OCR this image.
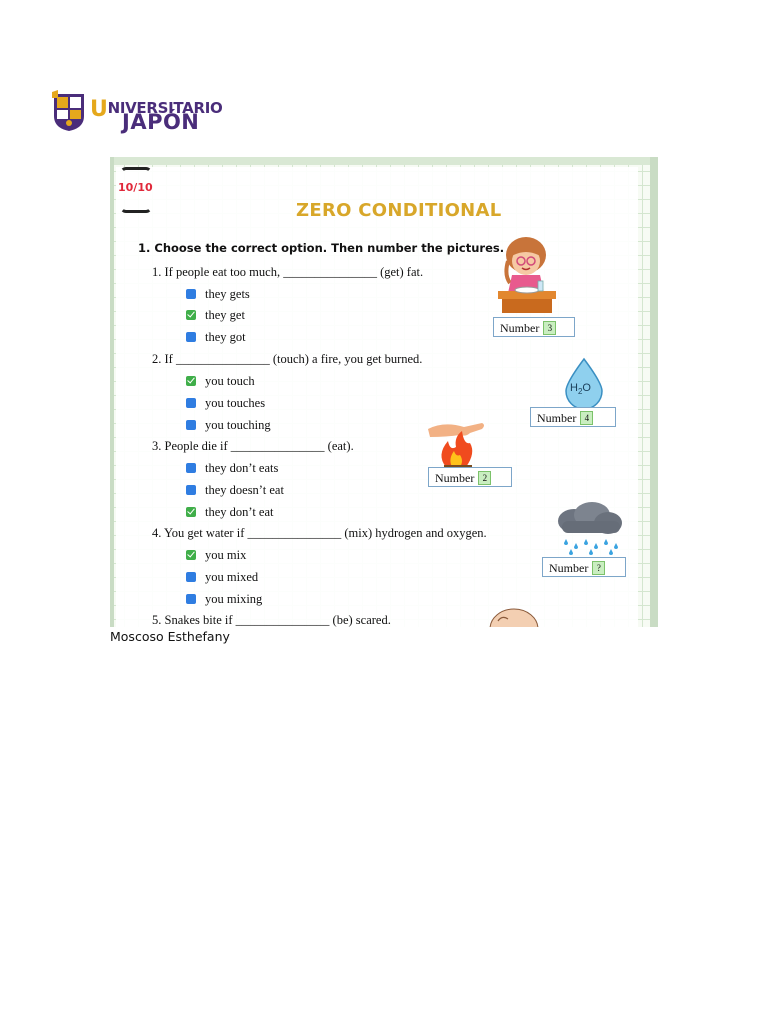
UNIVERSITARIO
JAPÓN
10/10
ZERO CONDITIONAL
1. Choose the correct option. Then number the pictures.
1. If people eat too much, _______________ (get) fat.
they gets
they get
they got
2. If _______________ (touch) a fire, you get burned.
you touch
you touches
you touching
3. People die if _______________ (eat).
they don’t eats
they doesn’t eat
they don’t eat
4. You get water if _______________ (mix) hydrogen and oxygen.
you mix
you mixed
you mixing
5. Snakes bite if _______________ (be) scared.
Number 3
$H_2O$
Number 4
Number 2
Number ?
Moscoso Esthefany
